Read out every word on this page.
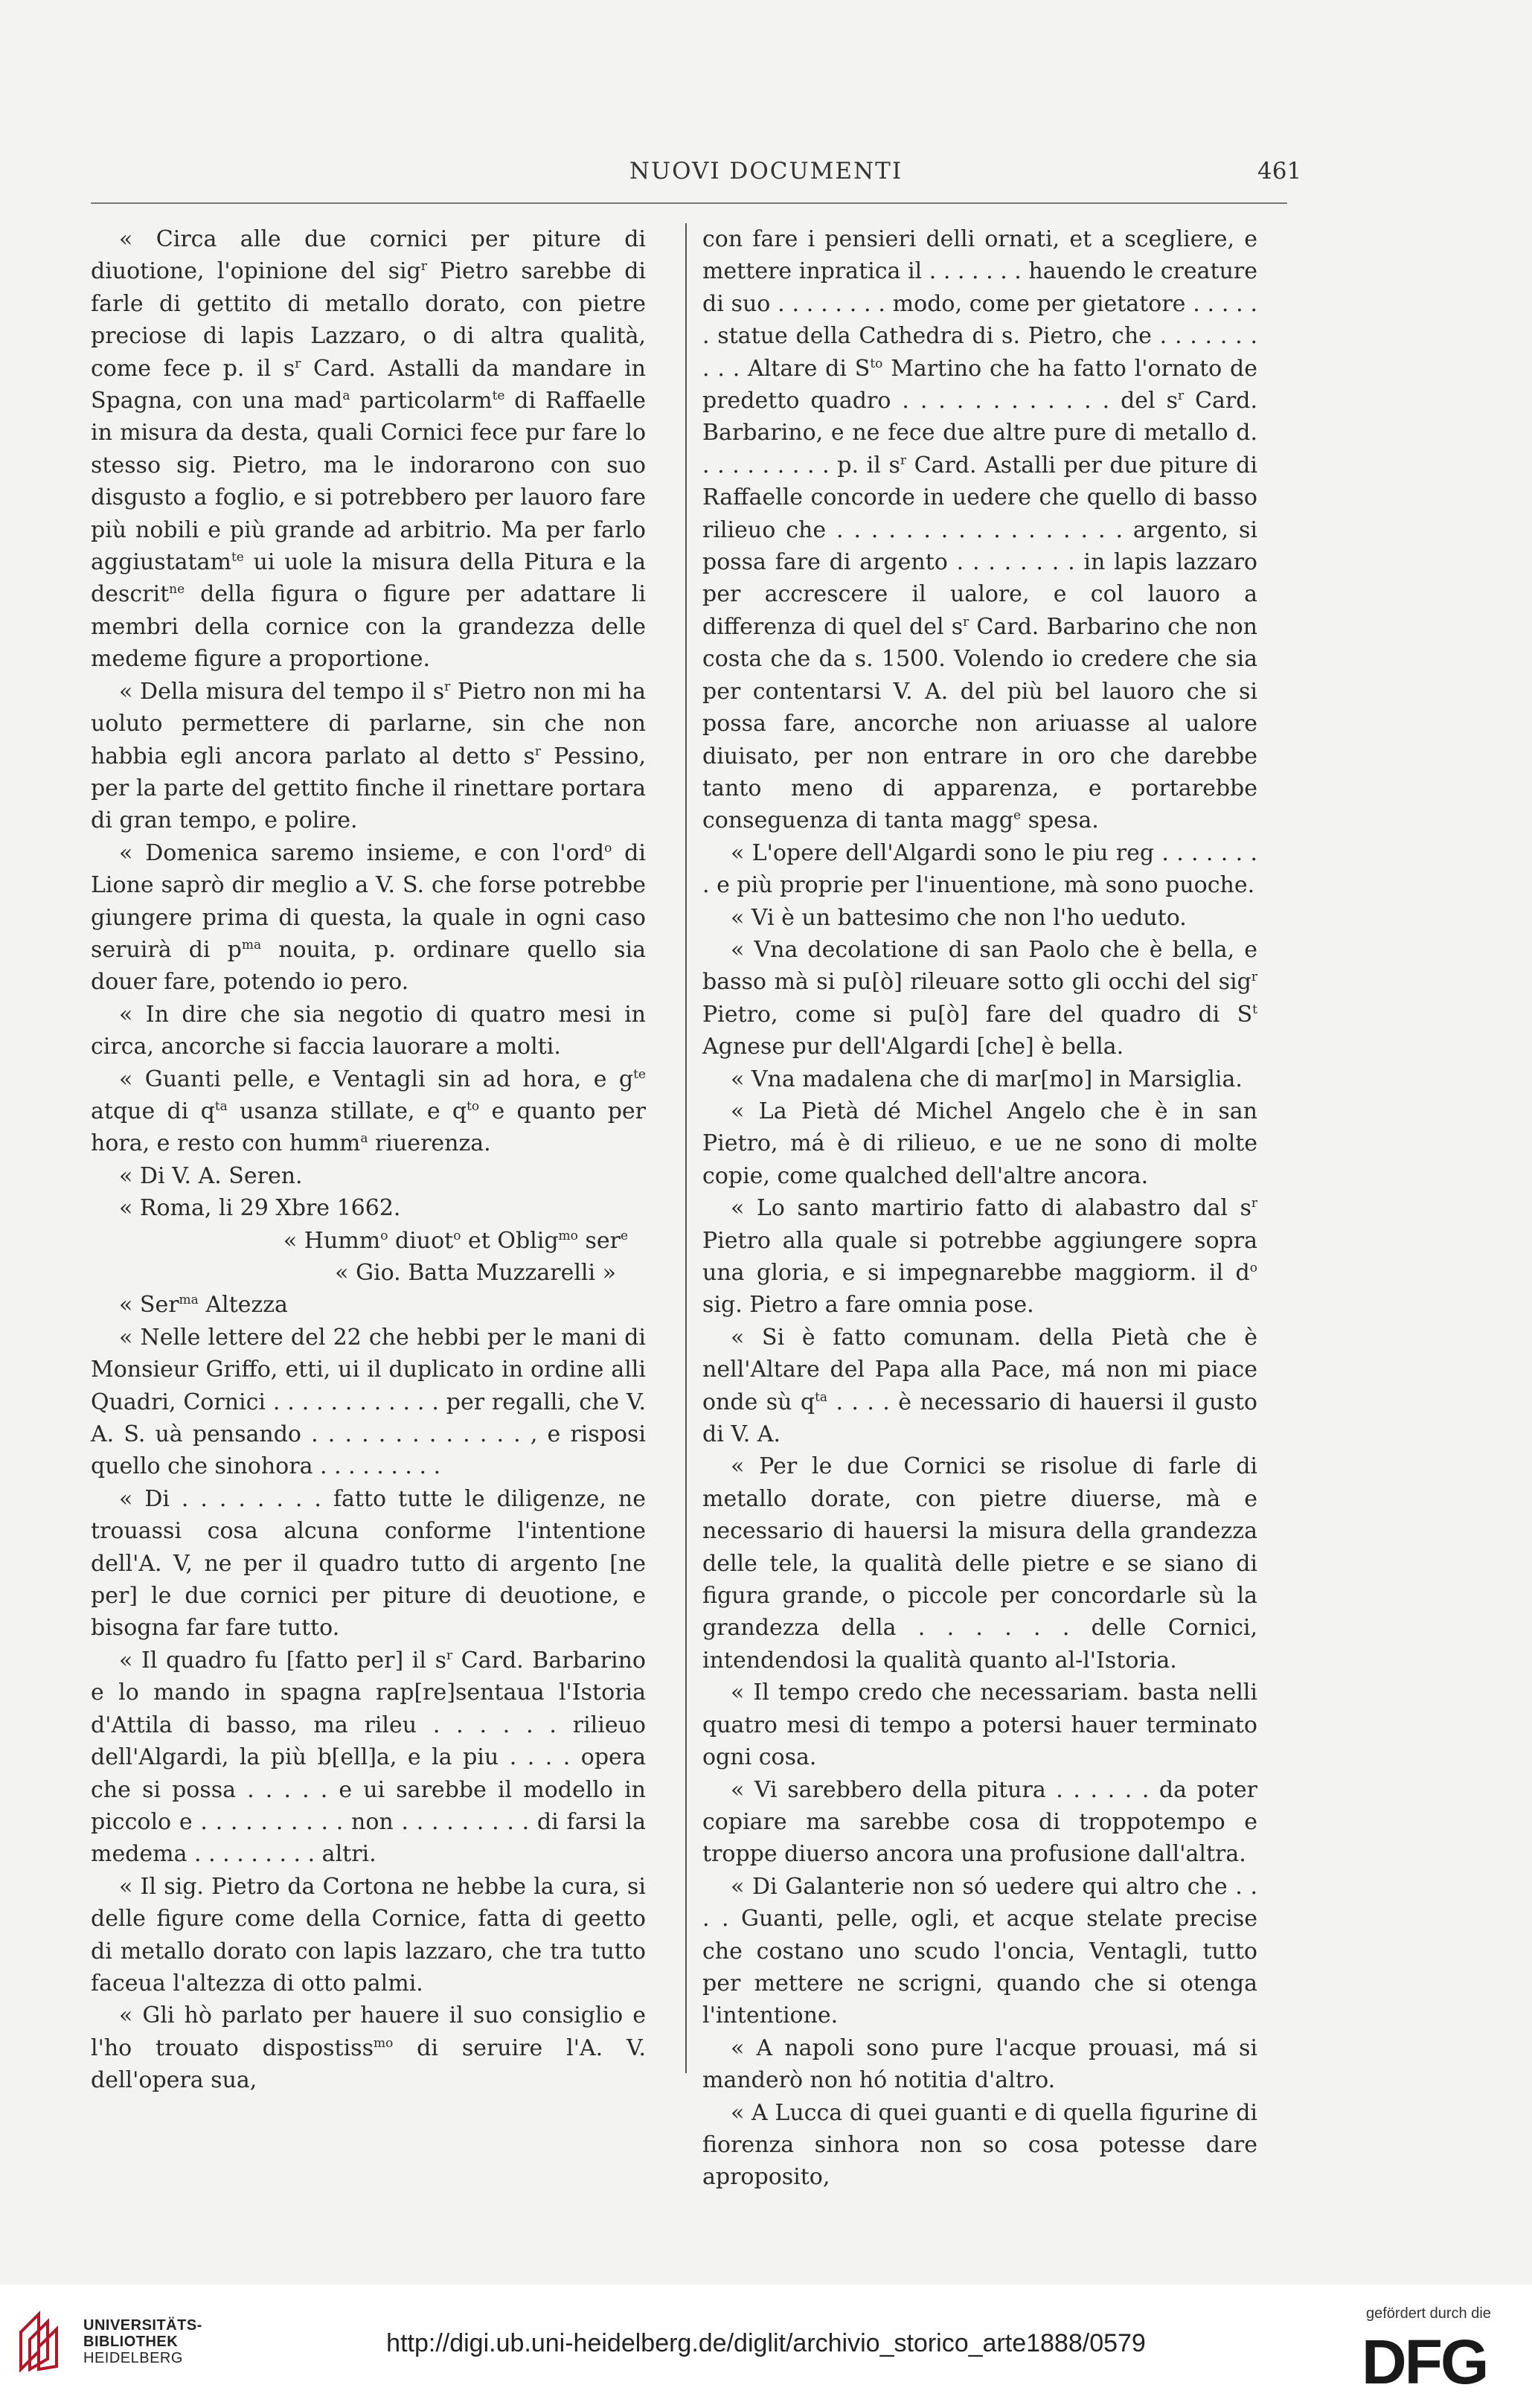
NUOVI DOCUMENTI	461

« Circa alle due cornici per piture di diuotione, l'opinione del sig$^r$ Pietro sarebbe di farle di gettito di metallo dorato, con pietre preciose di lapis Lazzaro, o di altra qualità, come fece p. il $s^r$ Card. Astalli da mandare in Spagna, con una mad$^a$ particolarm$^{te}$ di Raffaelle in misura da desta, quali Cornici fece pur fare lo stesso sig. Pietro, ma le indorarono con suo disgusto a foglio, e si potrebbero per lauoro fare più nobili e più grande ad arbitrio. Ma per farlo aggiustatam$^{te}$ ui uole la misura della Pitura e la descrit$^{ne}$ della figura o figure per adattare li membri della cornice con la grandezza delle medeme figure a proportione.

« Della misura del tempo il $s^r$ Pietro non mi ha uoluto permettere di parlarne, sin che non habbia egli ancora parlato al detto $s^r$ Pessino, per la parte del gettito finche il rinettare portara di gran tempo, e polire.

« Domenica saremo insieme, e con l'ord$^o$ di Lione saprò dir meglio a V. S. che forse potrebbe giungere prima di questa, la quale in ogni caso seruirà di $p^{ma}$ nouita, p. ordinare quello sia douer fare, potendo io pero.

« In dire che sia negotio di quatro mesi in circa, ancorche si faccia lauorare a molti.

« Guanti pelle, e Ventagli sin ad hora, e $g^{te}$ atque di $q^{ta}$ usanza stillate, e $q^{to}$ e quanto per hora, e resto con humm$^a$ riuerenza.

« Di V. A. Seren.

« Roma, li 29 Xbre 1662.

« Humm$^o$ diuot$^o$ et Oblig$^{mo}$ ser$^e$

« Gio. Batta Muzzarelli »

« Ser$^{ma}$ Altezza

« Nelle lettere del 22 che hebbi per le mani di Monsieur Griffo, etti, ui il duplicato in ordine alli Quadri, Cornici . . . . . . . . . . . . per regalli, che V. A. S. uà pensando . . . . . . . . . . . . . , e risposi quello che sinohora . . . . . . . . .

« Di . . . . . . . . fatto tutte le diligenze, ne trouassi cosa alcuna conforme l'intentione dell'A. V, ne per il quadro tutto di argento [ne per] le due cornici per piture di deuotione, e bisogna far fare tutto.

« Il quadro fu [fatto per] il $s^r$ Card. Barbarino e lo mando in spagna rap[re]sentaua l'Istoria d'Attila di basso, ma rileu . . . . . . rilieuo dell'Algardi, la più b[ell]a, e la piu . . . . opera che si possa . . . . . e ui sarebbe il modello in piccolo e . . . . . . . . . . non . . . . . . . . . di farsi la medema . . . . . . . . . altri.

« Il sig. Pietro da Cortona ne hebbe la cura, si delle figure come della Cornice, fatta di geetto di metallo dorato con lapis lazzaro, che tra tutto faceua l'altezza di otto palmi.

« Gli hò parlato per hauere il suo consiglio e l'ho trouato dispostiss$^{mo}$ di seruire l'A. V. dell'opera sua,

con fare i pensieri delli ornati, et a scegliere, e mettere inpratica il . . . . . . . hauendo le creature di suo . . . . . . . . modo, come per gietatore . . . . . . statue della Cathedra di s. Pietro, che . . . . . . . . . . Altare di $S^{to}$ Martino che ha fatto l'ornato de predetto quadro . . . . . . . . . . . . del $s^r$ Card. Barbarino, e ne fece due altre pure di metallo d. . . . . . . . . . p. il $s^r$ Card. Astalli per due piture di Raffaelle concorde in uedere che quello di basso rilieuo che . . . . . . . . . . . . . . . . . argento, si possa fare di argento . . . . . . . . in lapis lazzaro per accrescere il ualore, e col lauoro a differenza di quel del $s^r$ Card. Barbarino che non costa che da s. 1500. Volendo io credere che sia per contentarsi V. A. del più bel lauoro che si possa fare, ancorche non ariuasse al ualore diuisato, per non entrare in oro che darebbe tanto meno di apparenza, e portarebbe conseguenza di tanta magg$^e$ spesa.

« L'opere dell'Algardi sono le piu reg . . . . . . . . e più proprie per l'inuentione, mà sono puoche.

« Vi è un battesimo che non l'ho ueduto.

« Vna decolatione di san Paolo che è bella, e basso mà si pu[ò] rileuare sotto gli occhi del sig$^r$ Pietro, come si pu[ò] fare del quadro di $S^t$ Agnese pur dell'Algardi [che] è bella.

« Vna madalena che di mar[mo] in Marsiglia.

« La Pietà dé Michel Angelo che è in san Pietro, má è di rilieuo, e ue ne sono di molte copie, come qualched dell'altre ancora.

« Lo santo martirio fatto di alabastro dal $s^r$ Pietro alla quale si potrebbe aggiungere sopra una gloria, e si impegnarebbe maggiorm. il $d^o$ sig. Pietro a fare omnia pose.

« Si è fatto comunam. della Pietà che è nell'Altare del Papa alla Pace, má non mi piace onde sù $q^{ta}$ . . . . è necessario di hauersi il gusto di V. A.

« Per le due Cornici se risolue di farle di metallo dorate, con pietre diuerse, mà e necessario di hauersi la misura della grandezza delle tele, la qualità delle pietre e se siano di figura grande, o piccole per concordarle sù la grandezza della . . . . . . delle Cornici, intendendosi la qualità quanto al-l'Istoria.

« Il tempo credo che necessariam. basta nelli quatro mesi di tempo a potersi hauer terminato ogni cosa.

« Vi sarebbero della pitura . . . . . . da poter copiare ma sarebbe cosa di troppotempo e troppe diuerso ancora una profusione dall'altra.

« Di Galanterie non só uedere qui altro che . . . . Guanti, pelle, ogli, et acque stelate precise che costano uno scudo l'oncia, Ventagli, tutto per mettere ne scrigni, quando che si otenga l'intentione.

« A napoli sono pure l'acque prouasi, má si manderò non hó notitia d'altro.

« A Lucca di quei guanti e di quella figurine di fiorenza sinhora non so cosa potesse dare aproposito,

UNIVERSITÄTS-
BIBLIOTHEK
HEIDELBERG
http://digi.ub.uni-heidelberg.de/diglit/archivio_storico_arte1888/0579
gefördert durch die
DFG
